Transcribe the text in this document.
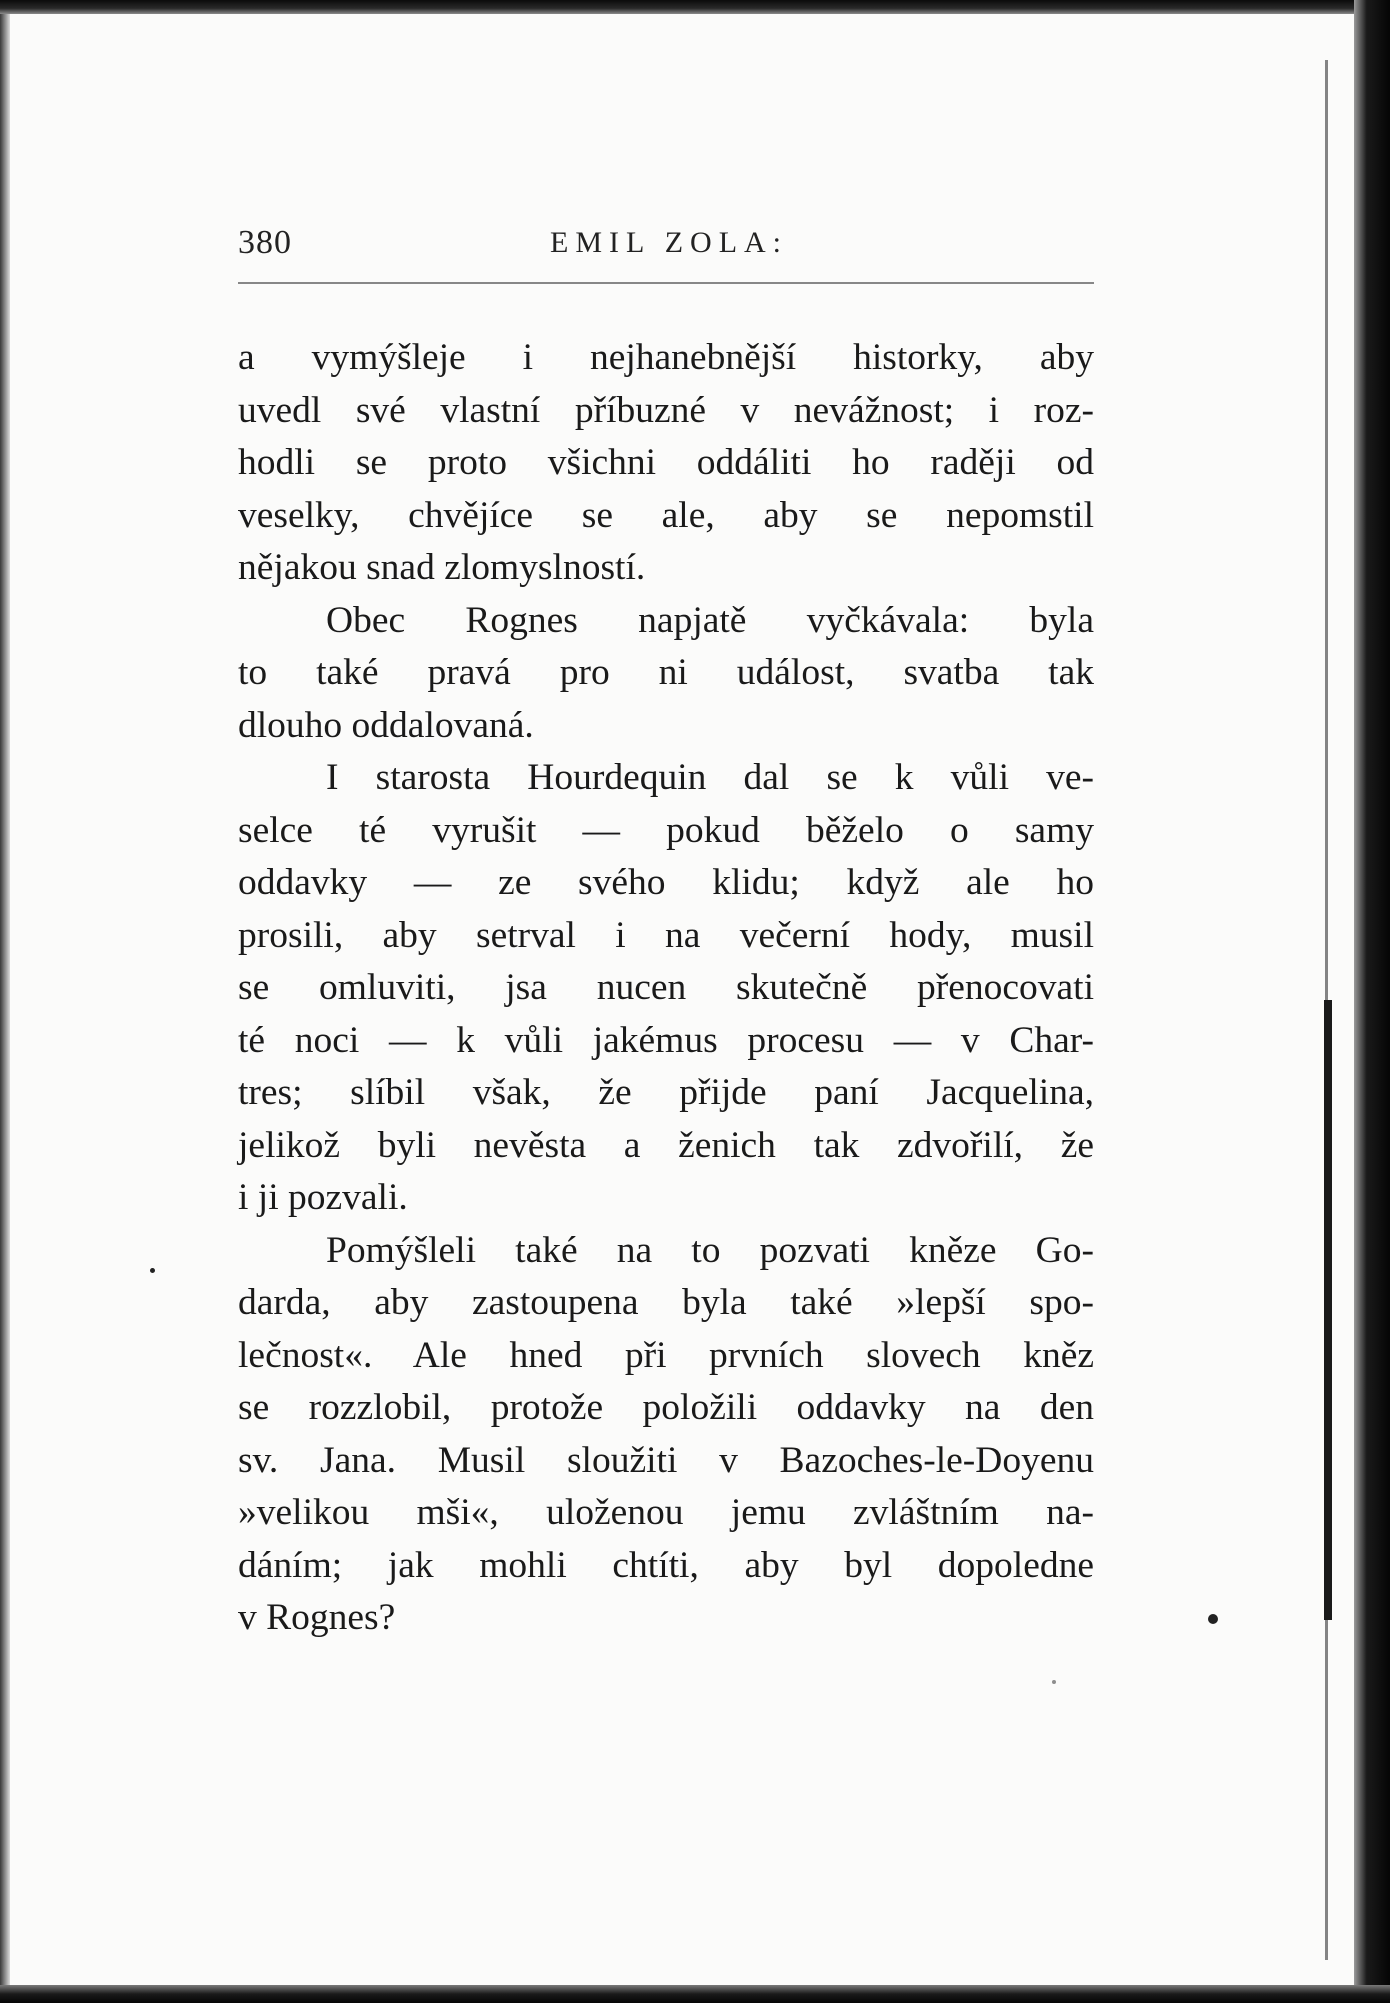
380	EMIL ZOLA:

a vymýšleje i nejhanebnější historky, aby
uvedl své vlastní příbuzné v nevážnost; i roz-
hodli se proto všichni oddáliti ho raději od
veselky, chvějíce se ale, aby se nepomstil
nějakou snad zlomyslností.

Obec Rognes napjatě vyčkávala: byla
to také pravá pro ni událost, svatba tak
dlouho oddalovaná.

I starosta Hourdequin dal se k vůli ve-
selce té vyrušit — pokud běželo o samy
oddavky — ze svého klidu; když ale ho
prosili, aby setrval i na večerní hody, musil
se omluviti, jsa nucen skutečně přenocovati
té noci — k vůli jakémus procesu — v Char-
tres; slíbil však, že přijde paní Jacquelina,
jelikož byli nevěsta a ženich tak zdvořilí, že
i ji pozvali.

Pomýšleli také na to pozvati kněze Go-
darda, aby zastoupena byla také »lepší spo-
lečnost«. Ale hned při prvních slovech kněz
se rozzlobil, protože položili oddavky na den
sv. Jana. Musil sloužiti v Bazoches-le-Doyenu
»velikou mši«, uloženou jemu zvláštním na-
dáním; jak mohli chtíti, aby byl dopoledne
v Rognes?
